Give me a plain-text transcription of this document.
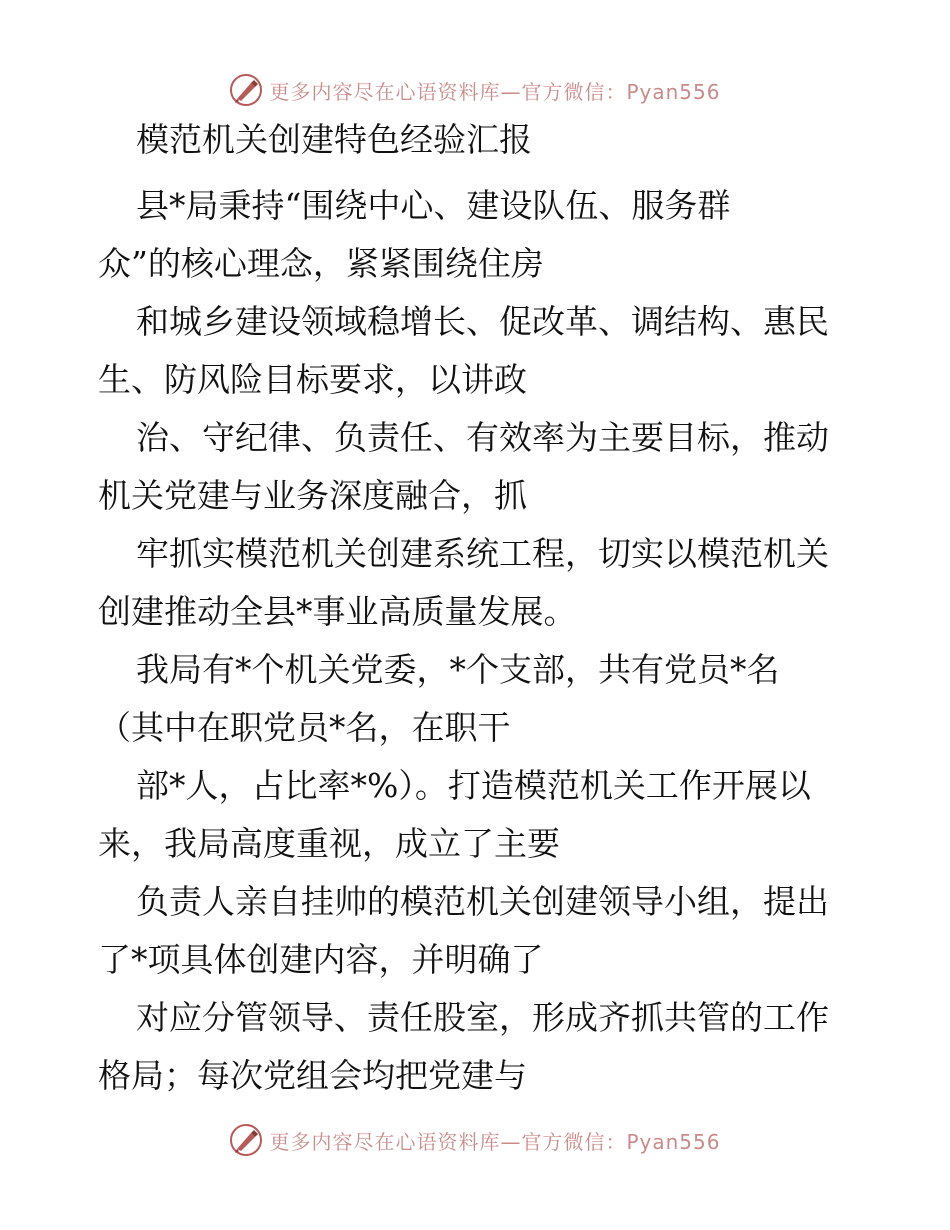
更多内容尽在心语资料库—官方微信：Pyan556
模范机关创建特色经验汇报
县*局秉持“围绕中心、建设队伍、服务群
众”的核心理念，紧紧围绕住房
和城乡建设领域稳增长、促改革、调结构、惠民
生、防风险目标要求，以讲政
治、守纪律、负责任、有效率为主要目标，推动
机关党建与业务深度融合，抓
牢抓实模范机关创建系统工程，切实以模范机关
创建推动全县*事业高质量发展。
我局有*个机关党委，*个支部，共有党员*名
（其中在职党员*名，在职干
部*人，占比率*%）。打造模范机关工作开展以
来，我局高度重视，成立了主要
负责人亲自挂帅的模范机关创建领导小组，提出
了*项具体创建内容，并明确了
对应分管领导、责任股室，形成齐抓共管的工作
格局；每次党组会均把党建与
更多内容尽在心语资料库—官方微信：Pyan556
